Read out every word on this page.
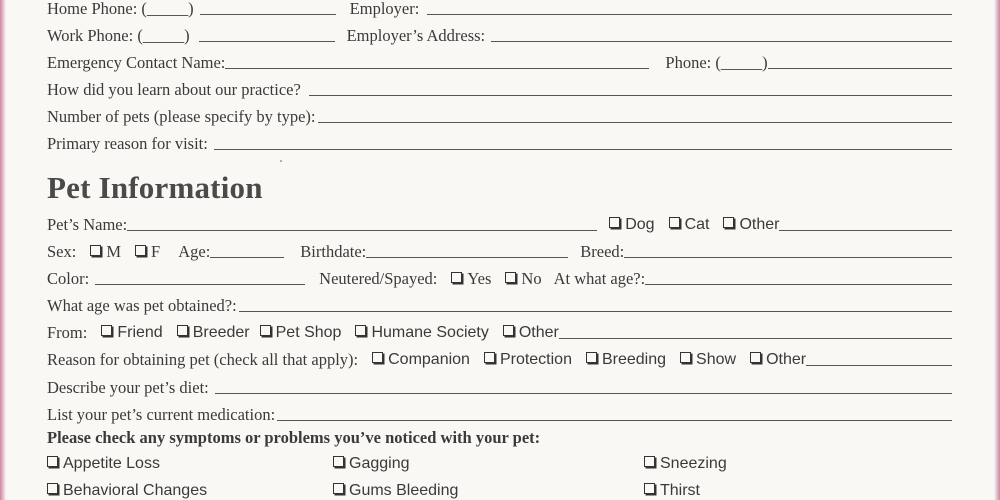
Home Phone: (_____)	Employer:
Work Phone: (_____)	Employer’s Address:
Emergency Contact Name:	Phone: (_____)
How did you learn about our practice?
Number of pets (please specify by type):
Primary reason for visit:
Pet Information
Pet’s Name:	Dog	Cat	Other
Sex:	M	F Age:	Birthdate:	Breed:
Color:	Neutered/Spayed:	Yes	No At what age?:
What age was pet obtained?:
From:	Friend	Breeder	Pet Shop	Humane Society	Other
Reason for obtaining pet (check all that apply):	Companion	Protection	Breeding	Show	Other
Describe your pet’s diet:
List your pet’s current medication:
Please check any symptoms or problems you’ve noticed with your pet:
Appetite Loss	Gagging	Sneezing
Behavioral Changes	Gums Bleeding	Thirst
